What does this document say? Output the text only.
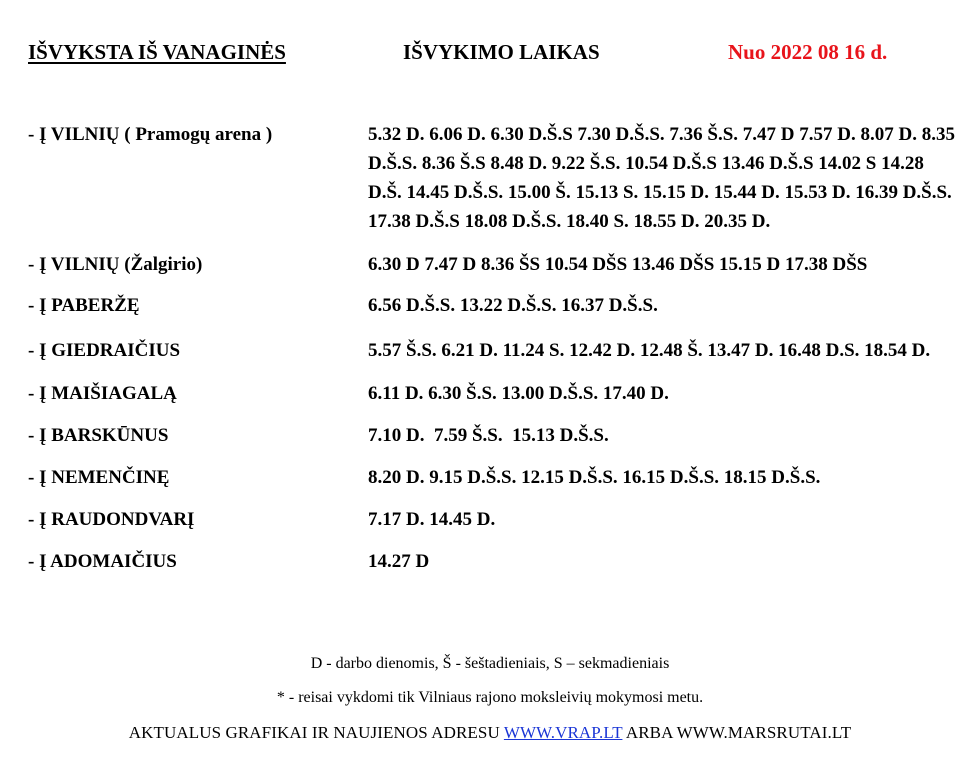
IŠVYKSTA IŠ VANAGINĖS	IŠVYKIMO LAIKAS	Nuo 2022 08 16 d.
- Į VILNIŲ ( Pramogų arena )	5.32 D. 6.06 D. 6.30 D.Š.S 7.30 D.Š.S. 7.36 Š.S. 7.47 D 7.57 D. 8.07 D. 8.35 D.Š.S. 8.36 Š.S 8.48 D. 9.22 Š.S. 10.54 D.Š.S 13.46 D.Š.S 14.02 S 14.28 D.Š. 14.45 D.Š.S. 15.00 Š. 15.13 S. 15.15 D. 15.44 D. 15.53 D. 16.39 D.Š.S. 17.38 D.Š.S 18.08 D.Š.S. 18.40 S. 18.55 D. 20.35 D.
- Į VILNIŲ (Žalgirio)	6.30 D 7.47 D 8.36 ŠS 10.54 DŠS 13.46 DŠS 15.15 D 17.38 DŠS
- Į PABERŽĘ	6.56 D.Š.S. 13.22 D.Š.S. 16.37 D.Š.S.
- Į GIEDRAIČIUS	5.57 Š.S. 6.21 D. 11.24 S. 12.42 D. 12.48 Š. 13.47 D. 16.48 D.S. 18.54 D.
- Į MAIŠIAGALĄ	6.11 D. 6.30 Š.S. 13.00 D.Š.S. 17.40 D.
- Į BARSKŪNUS	7.10 D.  7.59 Š.S.  15.13 D.Š.S.
- Į NEMENČINĘ	8.20 D. 9.15 D.Š.S. 12.15 D.Š.S. 16.15 D.Š.S. 18.15 D.Š.S.
- Į RAUDONDVARĮ	7.17 D. 14.45 D.
- Į ADOMAIČIUS	14.27 D
D - darbo dienomis, Š - šeštadieniais, S – sekmadieniais
* - reisai vykdomi tik Vilniaus rajono moksleivių mokymosi metu.
AKTUALUS GRAFIKAI IR NAUJIENOS ADRESU WWW.VRAP.LT ARBA WWW.MARSRUTAI.LT
